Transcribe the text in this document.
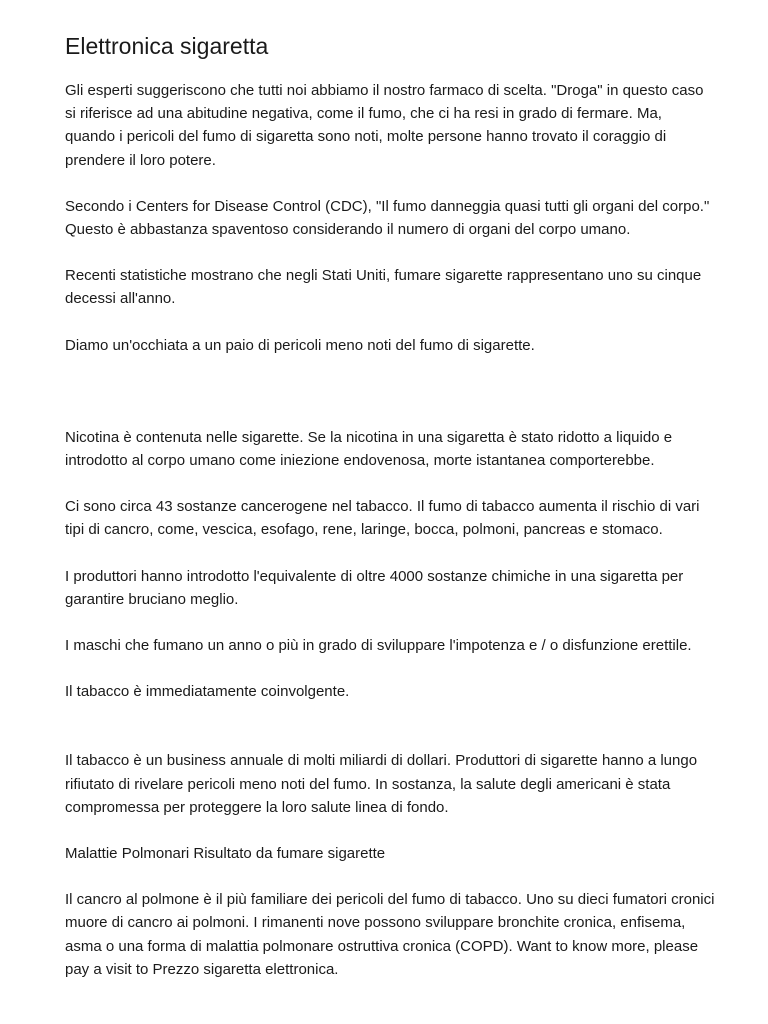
Elettronica sigaretta

Gli esperti suggeriscono che tutti noi abbiamo il nostro farmaco di scelta. "Droga" in questo caso si riferisce ad una abitudine negativa, come il fumo, che ci ha resi in grado di fermare. Ma, quando i pericoli del fumo di sigaretta sono noti, molte persone hanno trovato il coraggio di prendere il loro potere.

Secondo i Centers for Disease Control (CDC), "Il fumo danneggia quasi tutti gli organi del corpo." Questo è abbastanza spaventoso considerando il numero di organi del corpo umano.

Recenti statistiche mostrano che negli Stati Uniti, fumare sigarette rappresentano uno su cinque decessi all'anno.

Diamo un'occhiata a un paio di pericoli meno noti del fumo di sigarette.

Nicotina è contenuta nelle sigarette. Se la nicotina in una sigaretta è stato ridotto a liquido e introdotto al corpo umano come iniezione endovenosa, morte istantanea comporterebbe.

Ci sono circa 43 sostanze cancerogene nel tabacco. Il fumo di tabacco aumenta il rischio di vari tipi di cancro, come, vescica, esofago, rene, laringe, bocca, polmoni, pancreas e stomaco.

I produttori hanno introdotto l'equivalente di oltre 4000 sostanze chimiche in una sigaretta per garantire bruciano meglio.

I maschi che fumano un anno o più in grado di sviluppare l'impotenza e / o disfunzione erettile.

Il tabacco è immediatamente coinvolgente.

Il tabacco è un business annuale di molti miliardi di dollari. Produttori di sigarette hanno a lungo rifiutato di rivelare pericoli meno noti del fumo. In sostanza, la salute degli americani è stata compromessa per proteggere la loro salute linea di fondo.

Malattie Polmonari Risultato da fumare sigarette

Il cancro al polmone è il più familiare dei pericoli del fumo di tabacco. Uno su dieci fumatori cronici muore di cancro ai polmoni. I rimanenti nove possono sviluppare bronchite cronica, enfisema, asma o una forma di malattia polmonare ostruttiva cronica (COPD). Want to know more, please pay a visit to Prezzo sigaretta elettronica.
